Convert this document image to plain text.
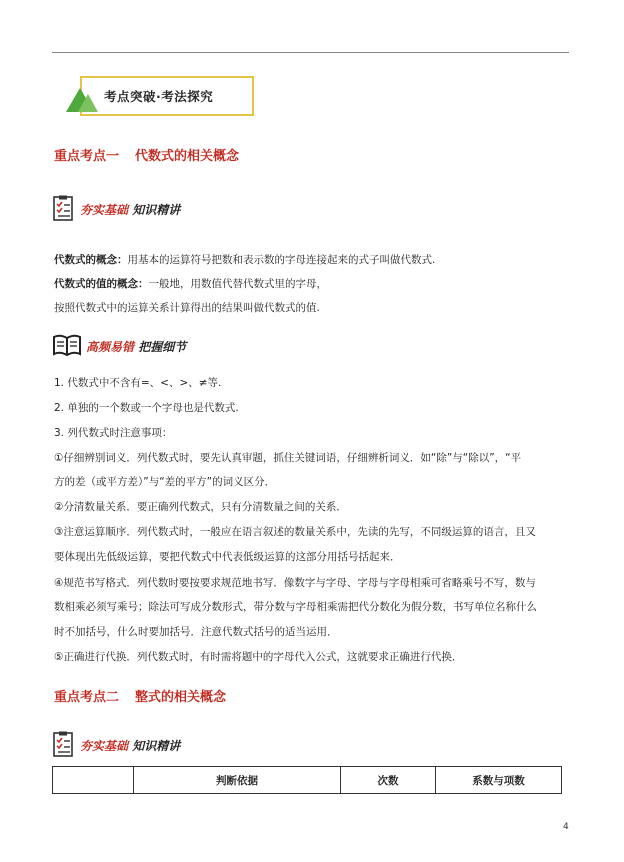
考点突破·考法探究
重点考点一 代数式的相关概念
夯实基础 知识精讲
代数式的概念：用基本的运算符号把数和表示数的字母连接起来的式子叫做代数式.
代数式的值的概念：一般地，用数值代替代数式里的字母，
按照代数式中的运算关系计算得出的结果叫做代数式的值.
高频易错 把握细节
1. 代数式中不含有=、<、>、≠等.
2. 单独的一个数或一个字母也是代数式.
3. 列代数式时注意事项：
①仔细辨别词义．列代数式时，要先认真审题，抓住关键词语，仔细辨析词义．如“除”与“除以”，“平
方的差（或平方差）”与“差的平方”的词义区分．
②分清数量关系．要正确列代数式，只有分清数量之间的关系．
③注意运算顺序．列代数式时，一般应在语言叙述的数量关系中，先读的先写，不同级运算的语言，且又
要体现出先低级运算，要把代数式中代表低级运算的这部分用括号括起来．
④规范书写格式．列代数时要按要求规范地书写．像数字与字母、字母与字母相乘可省略乘号不写，数与
数相乘必须写乘号；除法可写成分数形式，带分数与字母相乘需把代分数化为假分数，书写单位名称什么
时不加括号，什么时要加括号．注意代数式括号的适当运用．
⑤正确进行代换．列代数式时，有时需将题中的字母代入公式，这就要求正确进行代换．
重点考点二 整式的相关概念
夯实基础 知识精讲
	判断依据	次数	系数与项数
4
